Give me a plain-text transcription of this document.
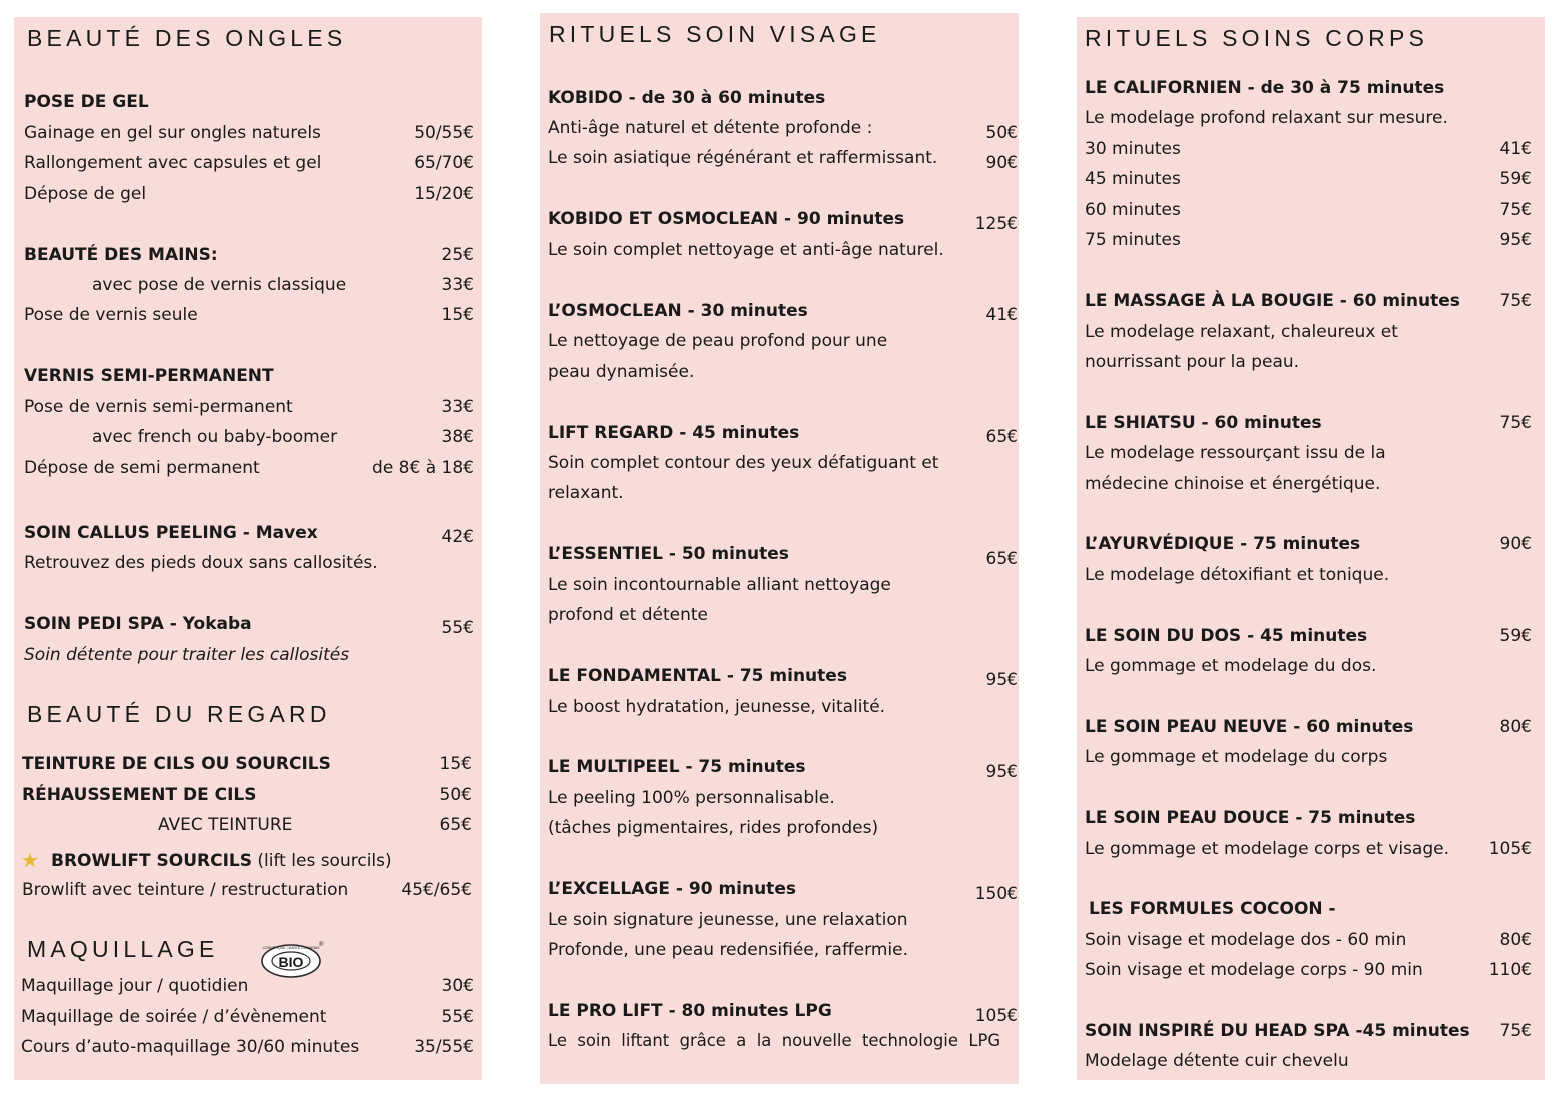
BEAUTÉ DES ONGLES
POSE DE GEL
Gainage en gel sur ongles naturels	50/55€
Rallongement avec capsules et gel	65/70€
Dépose de gel	15/20€
BEAUTÉ DES MAINS:	25€
avec pose de vernis classique	33€
Pose de vernis seule	15€
VERNIS SEMI-PERMANENT
Pose de vernis semi-permanent	33€
avec french ou baby-boomer	38€
Dépose de semi permanent	de 8€ à 18€
SOIN CALLUS PEELING - Mavex	42€
Retrouvez des pieds doux sans callosités.
SOIN PEDI SPA - Yokaba	55€
Soin détente pour traiter les callosités
BEAUTÉ DU REGARD
TEINTURE DE CILS OU SOURCILS	15€
RÉHAUSSEMENT DE CILS	50€
AVEC TEINTURE	65€
★ BROWLIFT SOURCILS (lift les sourcils)
Browlift avec teinture / restructuration	45€/65€
MAQUILLAGE	BIO
COSMETIQUE CHARTE COSMEBIO ®
Maquillage jour / quotidien	30€
Maquillage de soirée / d’évènement	55€
Cours d’auto-maquillage 30/60 minutes	35/55€
RITUELS SOIN VISAGE
KOBIDO - de 30 à 60 minutes
Anti-âge naturel et détente profonde :	50€
Le soin asiatique régénérant et raffermissant.	90€
KOBIDO ET OSMOCLEAN - 90 minutes	125€
Le soin complet nettoyage et anti-âge naturel.
L’OSMOCLEAN - 30 minutes	41€
Le nettoyage de peau profond pour une
peau dynamisée.
LIFT REGARD - 45 minutes	65€
Soin complet contour des yeux défatiguant et
relaxant.
L’ESSENTIEL - 50 minutes	65€
Le soin incontournable alliant nettoyage
profond et détente
LE FONDAMENTAL - 75 minutes	95€
Le boost hydratation, jeunesse, vitalité.
LE MULTIPEEL - 75 minutes	95€
Le peeling 100% personnalisable.
(tâches pigmentaires, rides profondes)
L’EXCELLAGE - 90 minutes	150€
Le soin signature jeunesse, une relaxation
Profonde, une peau redensifiée, raffermie.
LE PRO LIFT - 80 minutes LPG	105€
Le  soin  liftant  grâce  a  la  nouvelle  technologie  LPG
RITUELS SOINS CORPS
LE CALIFORNIEN - de 30 à 75 minutes
Le modelage profond relaxant sur mesure.
30 minutes	41€
45 minutes	59€
60 minutes	75€
75 minutes	95€
LE MASSAGE À LA BOUGIE - 60 minutes	75€
Le modelage relaxant, chaleureux et
nourrissant pour la peau.
LE SHIATSU - 60 minutes	75€
Le modelage ressourçant issu de la
médecine chinoise et énergétique.
L’AYURVÉDIQUE - 75 minutes	90€
Le modelage détoxifiant et tonique.
LE SOIN DU DOS - 45 minutes	59€
Le gommage et modelage du dos.
LE SOIN PEAU NEUVE - 60 minutes	80€
Le gommage et modelage du corps
LE SOIN PEAU DOUCE - 75 minutes
Le gommage et modelage corps et visage.	105€
LES FORMULES COCOON -
Soin visage et modelage dos - 60 min	80€
Soin visage et modelage corps - 90 min	110€
SOIN INSPIRÉ DU HEAD SPA -45 minutes	75€
Modelage détente cuir chevelu
